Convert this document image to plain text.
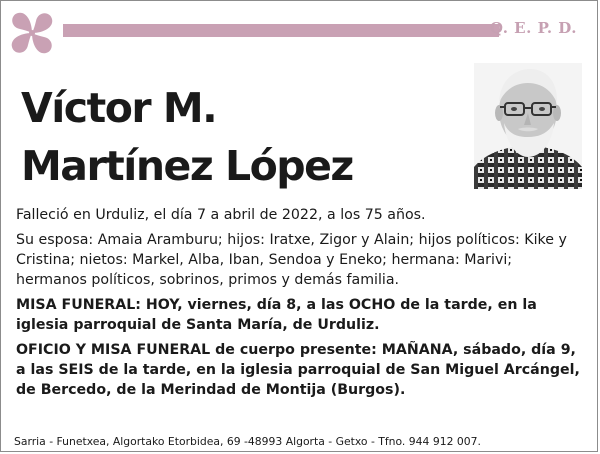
Q. E. P. D.
Víctor M.
Martínez López

Falleció en Urduliz, el día 7 a abril de 2022, a los 75 años.

Su esposa: Amaia Aramburu; hijos: Iratxe, Zigor y Alain; hijos políticos: Kike y Cristina; nietos: Markel, Alba, Iban, Sendoa y Eneko; hermana: Marivi; hermanos políticos, sobrinos, primos y demás familia.

MISA FUNERAL: HOY, viernes, día 8, a las OCHO de la tarde, en la iglesia parroquial de Santa María, de Urduliz.

OFICIO Y MISA FUNERAL de cuerpo presente: MAÑANA, sábado, día 9, a las SEIS de la tarde, en la iglesia parroquial de San Miguel Arcángel, de Bercedo, de la Merindad de Montija (Burgos).

Sarria - Funetxea, Algortako Etorbidea, 69 -48993 Algorta - Getxo - Tfno. 944 912 007.
